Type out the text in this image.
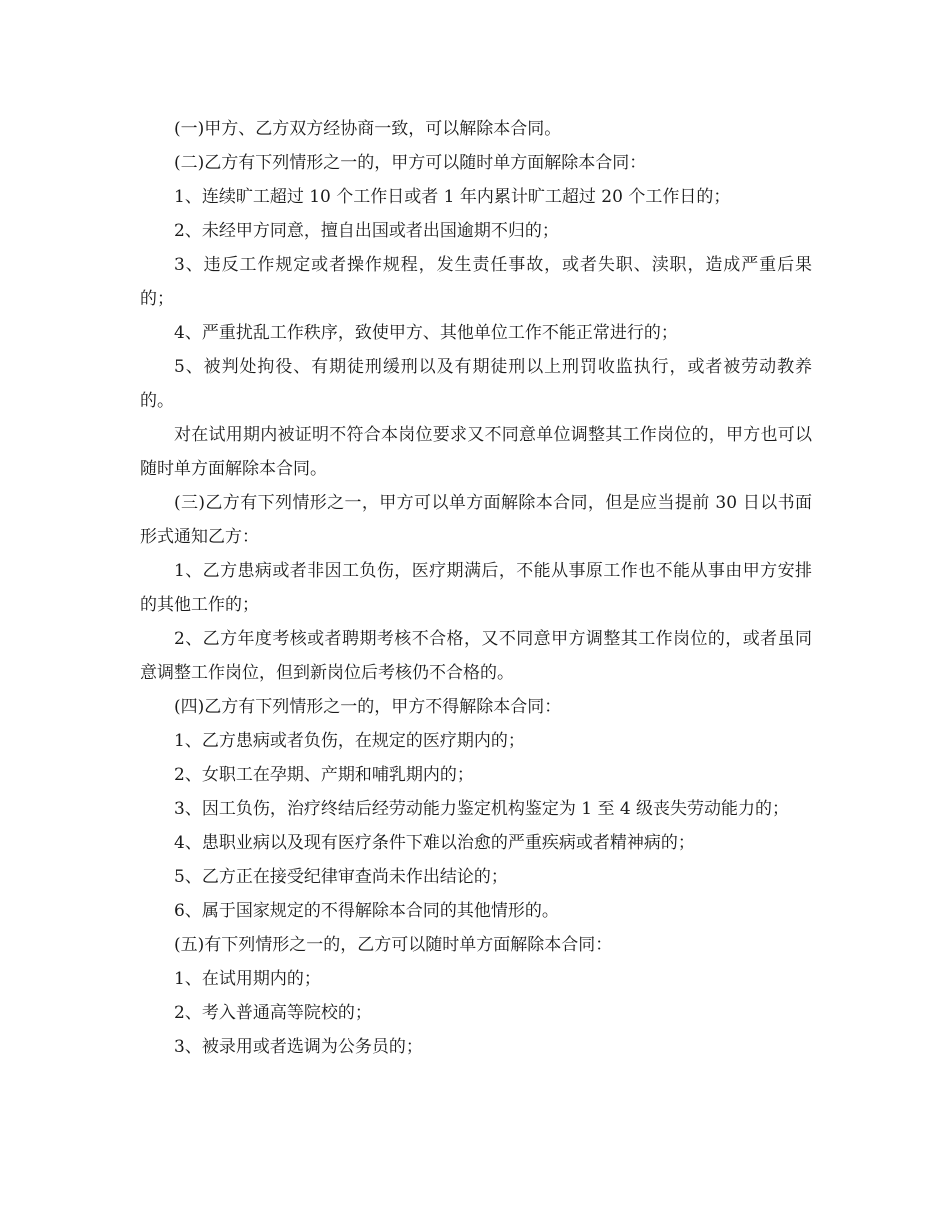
(一)甲方、乙方双方经协商一致，可以解除本合同。

(二)乙方有下列情形之一的，甲方可以随时单方面解除本合同：

1、连续旷工超过 10 个工作日或者 1 年内累计旷工超过 20 个工作日的；

2、未经甲方同意，擅自出国或者出国逾期不归的；

3、违反工作规定或者操作规程，发生责任事故，或者失职、渎职，造成严重后果的；

4、严重扰乱工作秩序，致使甲方、其他单位工作不能正常进行的；

5、被判处拘役、有期徒刑缓刑以及有期徒刑以上刑罚收监执行，或者被劳动教养的。

对在试用期内被证明不符合本岗位要求又不同意单位调整其工作岗位的，甲方也可以随时单方面解除本合同。

(三)乙方有下列情形之一，甲方可以单方面解除本合同，但是应当提前 30 日以书面形式通知乙方：

1、乙方患病或者非因工负伤，医疗期满后，不能从事原工作也不能从事由甲方安排的其他工作的；

2、乙方年度考核或者聘期考核不合格，又不同意甲方调整其工作岗位的，或者虽同意调整工作岗位，但到新岗位后考核仍不合格的。

(四)乙方有下列情形之一的，甲方不得解除本合同：

1、乙方患病或者负伤，在规定的医疗期内的；

2、女职工在孕期、产期和哺乳期内的；

3、因工负伤，治疗终结后经劳动能力鉴定机构鉴定为 1 至 4 级丧失劳动能力的；

4、患职业病以及现有医疗条件下难以治愈的严重疾病或者精神病的；

5、乙方正在接受纪律审查尚未作出结论的；

6、属于国家规定的不得解除本合同的其他情形的。

(五)有下列情形之一的，乙方可以随时单方面解除本合同：

1、在试用期内的；

2、考入普通高等院校的；

3、被录用或者选调为公务员的；
